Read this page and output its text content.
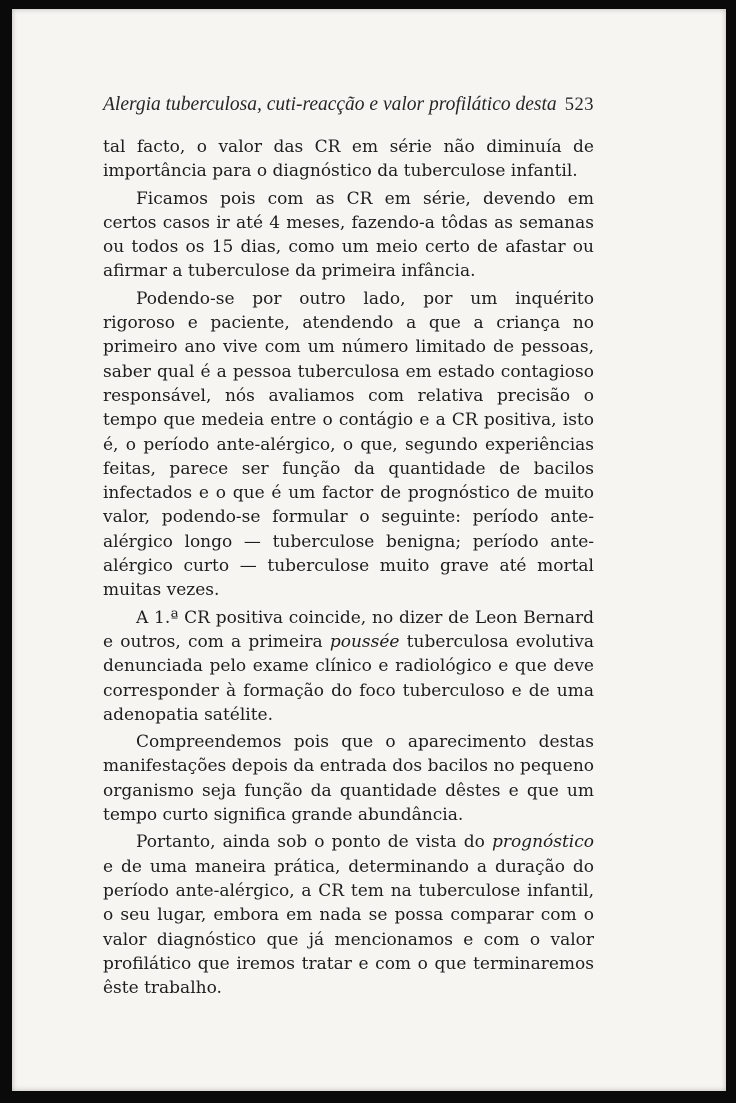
Alergia tuberculosa, cuti-reacção e valor profilático desta 523

tal facto, o valor das CR em série não diminuía de importância para o diagnóstico da tuberculose infantil.

Ficamos pois com as CR em série, devendo em certos casos ir até 4 meses, fazendo-a tôdas as semanas ou todos os 15 dias, como um meio certo de afastar ou afirmar a tuberculose da primeira infância.

Podendo-se por outro lado, por um inquérito rigoroso e paciente, atendendo a que a criança no primeiro ano vive com um número limitado de pessoas, saber qual é a pessoa tuberculosa em estado contagioso responsável, nós avaliamos com relativa precisão o tempo que medeia entre o contágio e a CR positiva, isto é, o período ante-alérgico, o que, segundo experiências feitas, parece ser função da quantidade de bacilos infectados e o que é um factor de prognóstico de muito valor, podendo-se formular o seguinte: período ante-alérgico longo — tuberculose benigna; período ante-alérgico curto — tuberculose muito grave até mortal muitas vezes.

A 1.ª CR positiva coincide, no dizer de Leon Bernard e outros, com a primeira poussée tuberculosa evolutiva denunciada pelo exame clínico e radiológico e que deve corresponder à formação do foco tuberculoso e de uma adenopatia satélite.

Compreendemos pois que o aparecimento destas manifestações depois da entrada dos bacilos no pequeno organismo seja função da quantidade dêstes e que um tempo curto significa grande abundância.

Portanto, ainda sob o ponto de vista do prognóstico e de uma maneira prática, determinando a duração do período ante-alérgico, a CR tem na tuberculose infantil, o seu lugar, embora em nada se possa comparar com o valor diagnóstico que já mencionamos e com o valor profilático que iremos tratar e com o que terminaremos êste trabalho.
